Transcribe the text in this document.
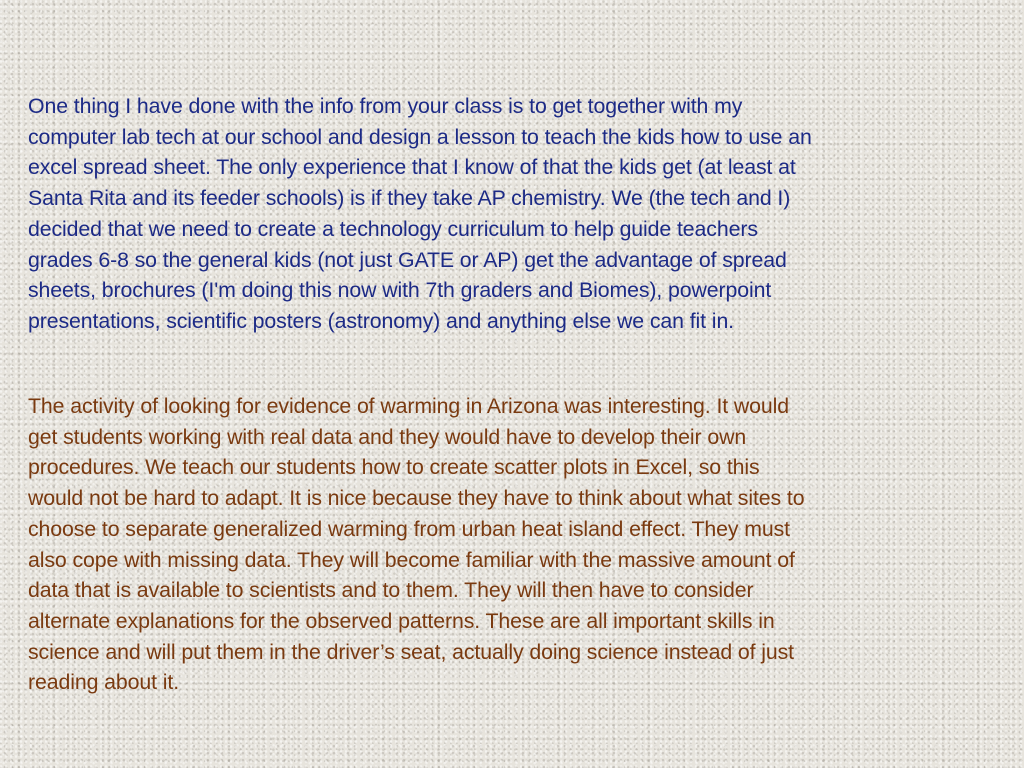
One thing I have done with the info from your class is to get together with my
computer lab tech at our school and design a lesson to teach the kids how to use an
excel spread sheet. The only experience that I know of that the kids get (at least at
Santa Rita and its feeder schools) is if they take AP chemistry. We (the tech and I)
decided that we need to create a technology curriculum to help guide teachers
grades 6-8 so the general kids (not just GATE or AP) get the advantage of spread
sheets, brochures (I'm doing this now with 7th graders and Biomes), powerpoint
presentations, scientific posters (astronomy) and anything else we can fit in.

The activity of looking for evidence of warming in Arizona was interesting. It would
get students working with real data and they would have to develop their own
procedures. We teach our students how to create scatter plots in Excel, so this
would not be hard to adapt. It is nice because they have to think about what sites to
choose to separate generalized warming from urban heat island effect. They must
also cope with missing data. They will become familiar with the massive amount of
data that is available to scientists and to them. They will then have to consider
alternate explanations for the observed patterns. These are all important skills in
science and will put them in the driver’s seat, actually doing science instead of just
reading about it.
